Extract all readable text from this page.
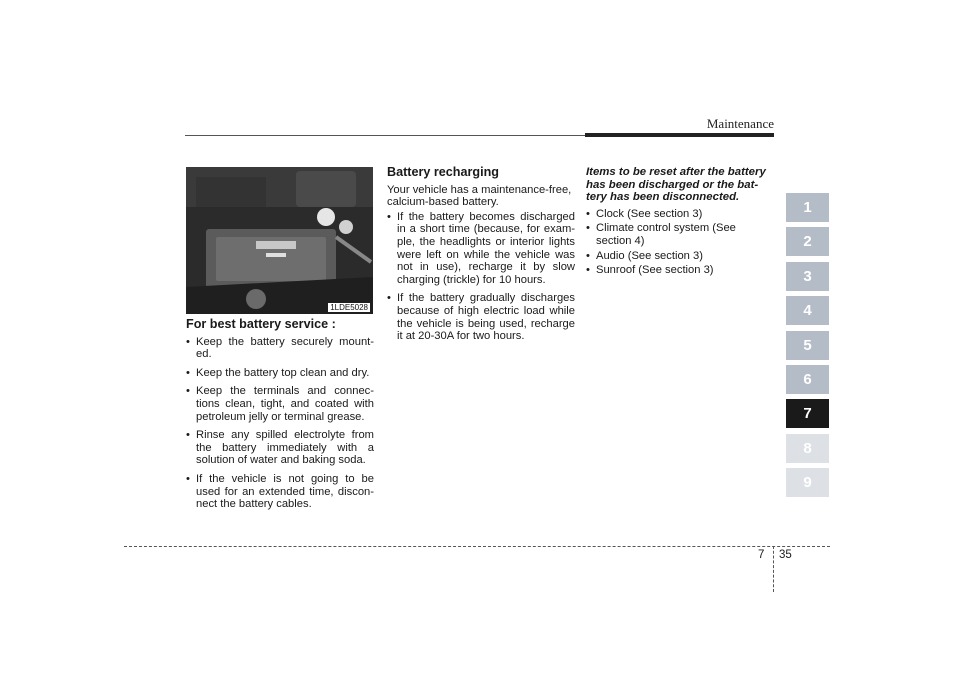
Maintenance
1LDE5028
For best battery service :
• Keep the battery securely mount-ed.
• Keep the battery top clean and dry.
• Keep the terminals and connec-tions clean, tight, and coated with petroleum jelly or terminal grease.
• Rinse any spilled electrolyte from the battery immediately with a solution of water and baking soda.
• If the vehicle is not going to be used for an extended time, discon-nect the battery cables.
Battery recharging

Your vehicle has a maintenance-free, calcium-based battery.

• If the battery becomes discharged in a short time (because, for exam-ple, the headlights or interior lights were left on while the vehicle was not in use), recharge it by slow charging (trickle) for 10 hours.
• If the battery gradually discharges because of high electric load while the vehicle is being used, recharge it at 20-30A for two hours.
Items to be reset after the battery has been discharged or the bat-tery has been disconnected.
• Clock (See section 3)
• Climate control system (See section 4)
• Audio (See section 3)
• Sunroof (See section 3)
1
2
3
4
5
6
7
8
9
7 35
